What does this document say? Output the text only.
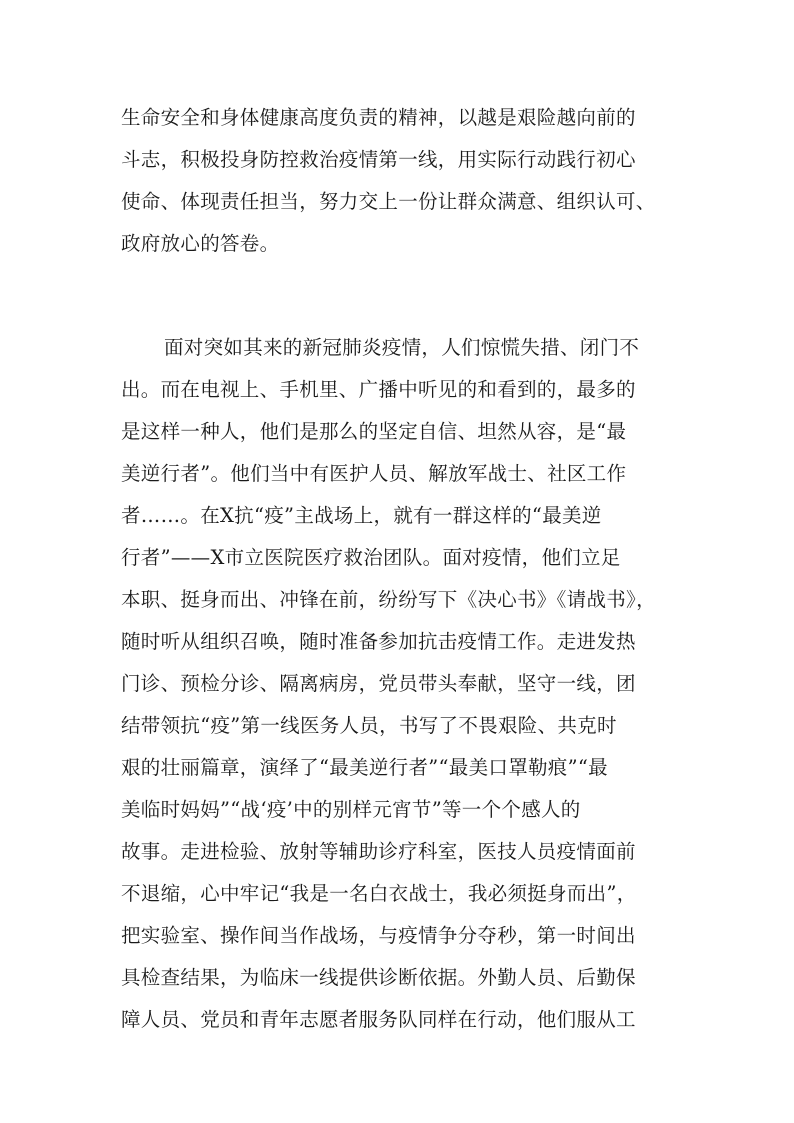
生命安全和身体健康高度负责的精神，以越是艰险越向前的
斗志，积极投身防控救治疫情第一线，用实际行动践行初心
使命、体现责任担当，努力交上一份让群众满意、组织认可、
政府放心的答卷。
面对突如其来的新冠肺炎疫情，人们惊慌失措、闭门不
出。而在电视上、手机里、广播中听见的和看到的，最多的
是这样一种人，他们是那么的坚定自信、坦然从容，是“最
美逆行者”。他们当中有医护人员、解放军战士、社区工作
者……。在X抗“疫”主战场上，就有一群这样的“最美逆
行者”——X市立医院医疗救治团队。面对疫情，他们立足
本职、挺身而出、冲锋在前，纷纷写下《决心书》《请战书》，
随时听从组织召唤，随时准备参加抗击疫情工作。走进发热
门诊、预检分诊、隔离病房，党员带头奉献，坚守一线，团
结带领抗“疫”第一线医务人员，书写了不畏艰险、共克时
艰的壮丽篇章，演绎了“最美逆行者”“最美口罩勒痕”“最
美临时妈妈”“战‘疫’中的别样元宵节”等一个个感人的
故事。走进检验、放射等辅助诊疗科室，医技人员疫情面前
不退缩，心中牢记“我是一名白衣战士，我必须挺身而出”，
把实验室、操作间当作战场，与疫情争分夺秒，第一时间出
具检查结果，为临床一线提供诊断依据。外勤人员、后勤保
障人员、党员和青年志愿者服务队同样在行动，他们服从工
